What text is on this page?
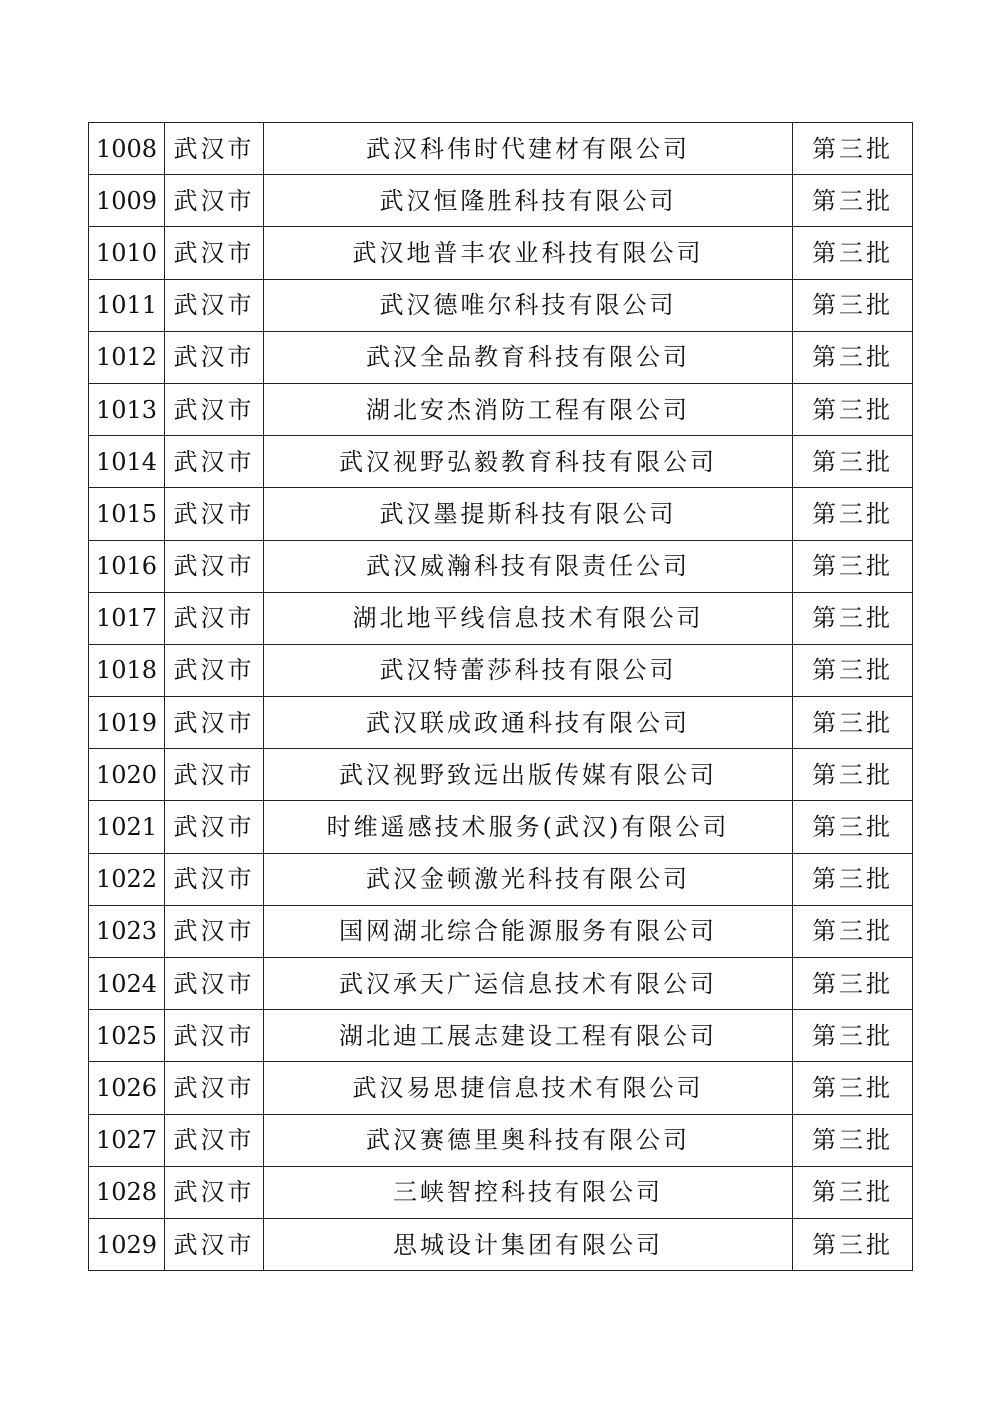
1008	武汉市	武汉科伟时代建材有限公司	第三批
1009	武汉市	武汉恒隆胜科技有限公司	第三批
1010	武汉市	武汉地普丰农业科技有限公司	第三批
1011	武汉市	武汉德唯尔科技有限公司	第三批
1012	武汉市	武汉全品教育科技有限公司	第三批
1013	武汉市	湖北安杰消防工程有限公司	第三批
1014	武汉市	武汉视野弘毅教育科技有限公司	第三批
1015	武汉市	武汉墨提斯科技有限公司	第三批
1016	武汉市	武汉威瀚科技有限责任公司	第三批
1017	武汉市	湖北地平线信息技术有限公司	第三批
1018	武汉市	武汉特蕾莎科技有限公司	第三批
1019	武汉市	武汉联成政通科技有限公司	第三批
1020	武汉市	武汉视野致远出版传媒有限公司	第三批
1021	武汉市	时维遥感技术服务(武汉)有限公司	第三批
1022	武汉市	武汉金顿激光科技有限公司	第三批
1023	武汉市	国网湖北综合能源服务有限公司	第三批
1024	武汉市	武汉承天广运信息技术有限公司	第三批
1025	武汉市	湖北迪工展志建设工程有限公司	第三批
1026	武汉市	武汉易思捷信息技术有限公司	第三批
1027	武汉市	武汉赛德里奥科技有限公司	第三批
1028	武汉市	三峡智控科技有限公司	第三批
1029	武汉市	思城设计集团有限公司	第三批
